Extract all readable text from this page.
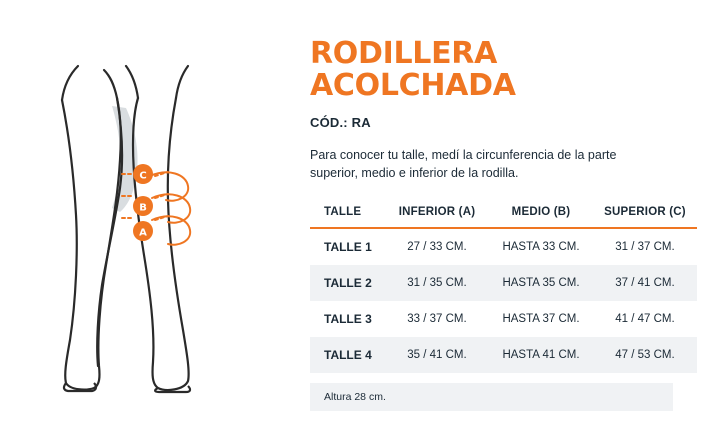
C
B
A
RODILLERA ACOLCHADA
CÓD.: RA

Para conocer tu talle, medí la circunferencia de la parte superior, medio e inferior de la rodilla.

TALLE	INFERIOR (A)	MEDIO (B)	SUPERIOR (C)
TALLE 1	27 / 33 CM.	HASTA 33 CM.	31 / 37 CM.
TALLE 2	31 / 35 CM.	HASTA 35 CM.	37 / 41 CM.
TALLE 3	33 / 37 CM.	HASTA 37 CM.	41 / 47 CM.
TALLE 4	35 / 41 CM.	HASTA 41 CM.	47 / 53 CM.
Altura 28 cm.
